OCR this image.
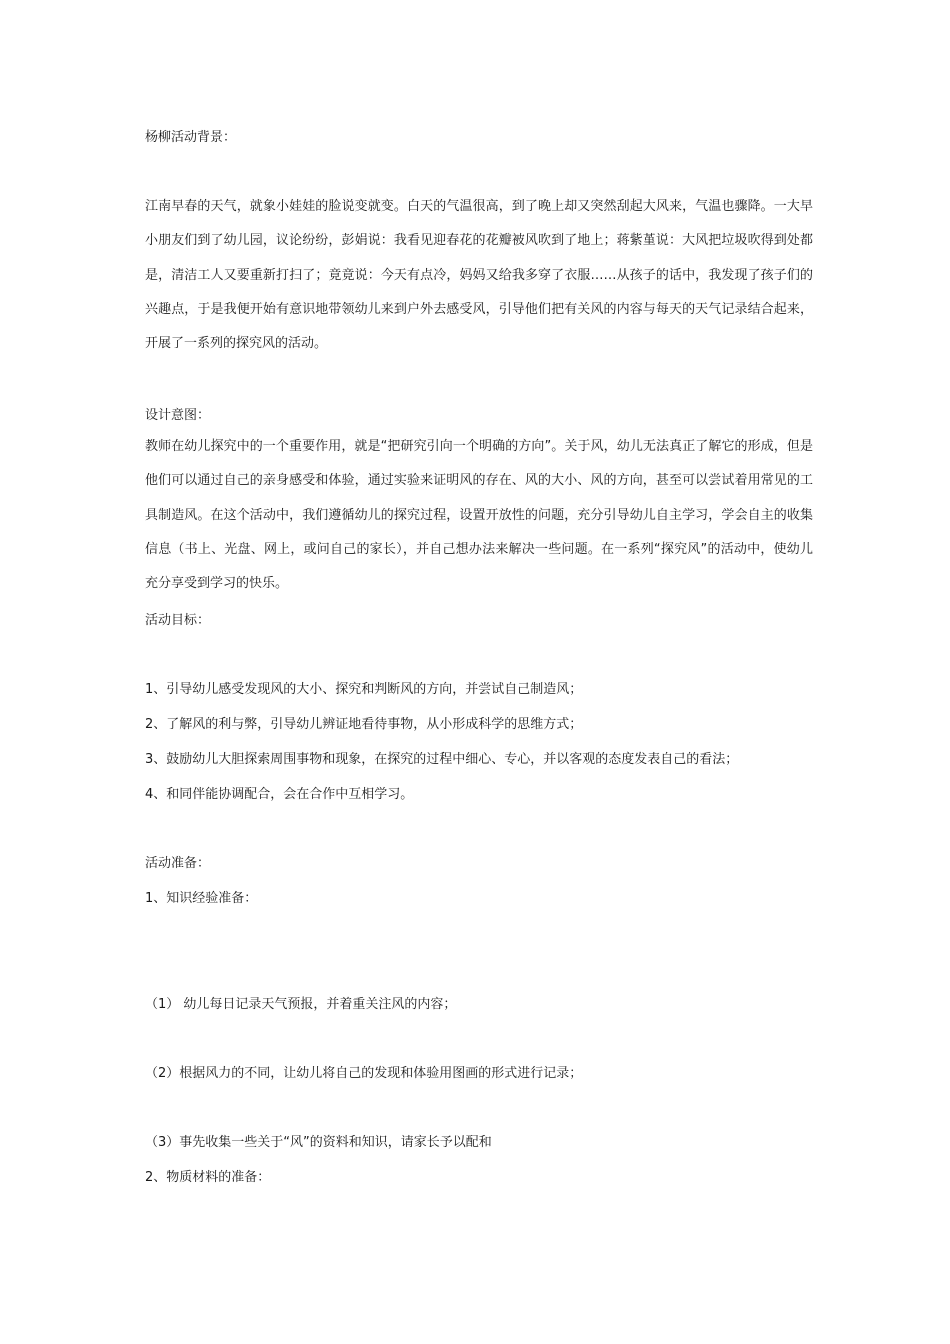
杨柳活动背景：
江南早春的天气，就象小娃娃的脸说变就变。白天的气温很高，到了晚上却又突然刮起大风来，气温也骤降。一大早小朋友们到了幼儿园，议论纷纷，彭娟说：我看见迎春花的花瓣被风吹到了地上；蒋紫堇说：大风把垃圾吹得到处都是，清洁工人又要重新打扫了；竟竟说：今天有点冷，妈妈又给我多穿了衣服……从孩子的话中，我发现了孩子们的兴趣点，于是我便开始有意识地带领幼儿来到户外去感受风，引导他们把有关风的内容与每天的天气记录结合起来，开展了一系列的探究风的活动。
设计意图：
教师在幼儿探究中的一个重要作用，就是“把研究引向一个明确的方向”。关于风，幼儿无法真正了解它的形成，但是他们可以通过自己的亲身感受和体验，通过实验来证明风的存在、风的大小、风的方向，甚至可以尝试着用常见的工具制造风。在这个活动中，我们遵循幼儿的探究过程，设置开放性的问题，充分引导幼儿自主学习，学会自主的收集信息（书上、光盘、网上，或问自己的家长），并自己想办法来解决一些问题。在一系列“探究风”的活动中，使幼儿充分享受到学习的快乐。
活动目标：
1、引导幼儿感受发现风的大小、探究和判断风的方向，并尝试自己制造风；
2、了解风的利与弊，引导幼儿辨证地看待事物，从小形成科学的思维方式；
3、鼓励幼儿大胆探索周围事物和现象，在探究的过程中细心、专心，并以客观的态度发表自己的看法；
4、和同伴能协调配合，会在合作中互相学习。
活动准备：
1、知识经验准备：
（1） 幼儿每日记录天气预报，并着重关注风的内容；
（2）根据风力的不同，让幼儿将自己的发现和体验用图画的形式进行记录；
（3）事先收集一些关于“风”的资料和知识，请家长予以配和
2、物质材料的准备：
